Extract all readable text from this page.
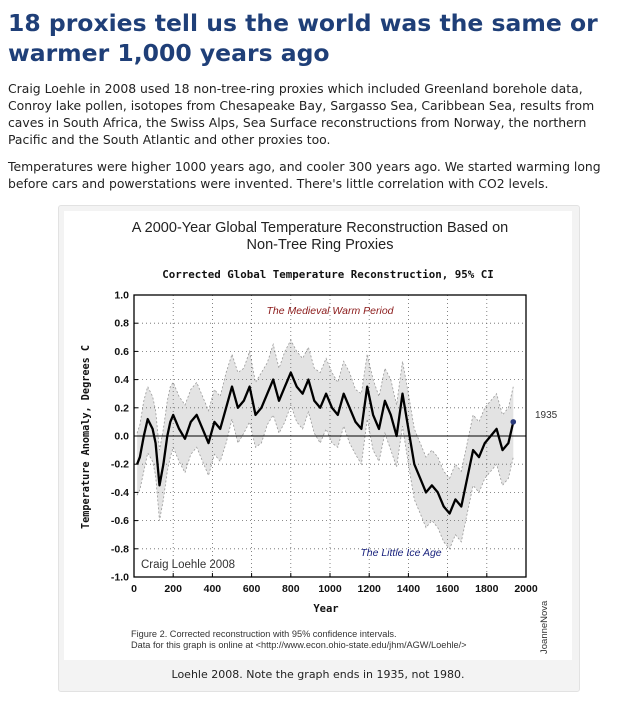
18 proxies tell us the world was the same or warmer 1,000 years ago

Craig Loehle in 2008 used 18 non-tree-ring proxies which included Greenland borehole data, Conroy lake pollen, isotopes from Chesapeake Bay, Sargasso Sea, Caribbean Sea, results from caves in South Africa, the Swiss Alps, Sea Surface reconstructions from Norway, the northern Pacific and the South Atlantic and other proxies too.

Temperatures were higher 1000 years ago, and cooler 300 years ago. We started warming long before cars and powerstations were invented. There's little correlation with CO2 levels.

A 2000-Year Global Temperature Reconstruction Based on
Non-Tree Ring Proxies
Corrected Global Temperature Reconstruction, 95% CI
1.0
0.8
0.6
0.4
0.2
0.0
-0.2
-0.4
-0.6
-0.8
-1.0
0	200 400 600 800 1000 1200 1400 1600 1800 2000
The Medieval Warm Period
The Little Ice Age
Craig Loehle 2008
1935
Year
Temperature Anomaly, Degrees C
Figure 2. Corrected reconstruction with 95% confidence intervals.
Data for this graph is online at <http://www.econ.ohio-state.edu/jhm/AGW/Loehle/>	JoanneNova
Loehle 2008. Note the graph ends in 1935, not 1980.
